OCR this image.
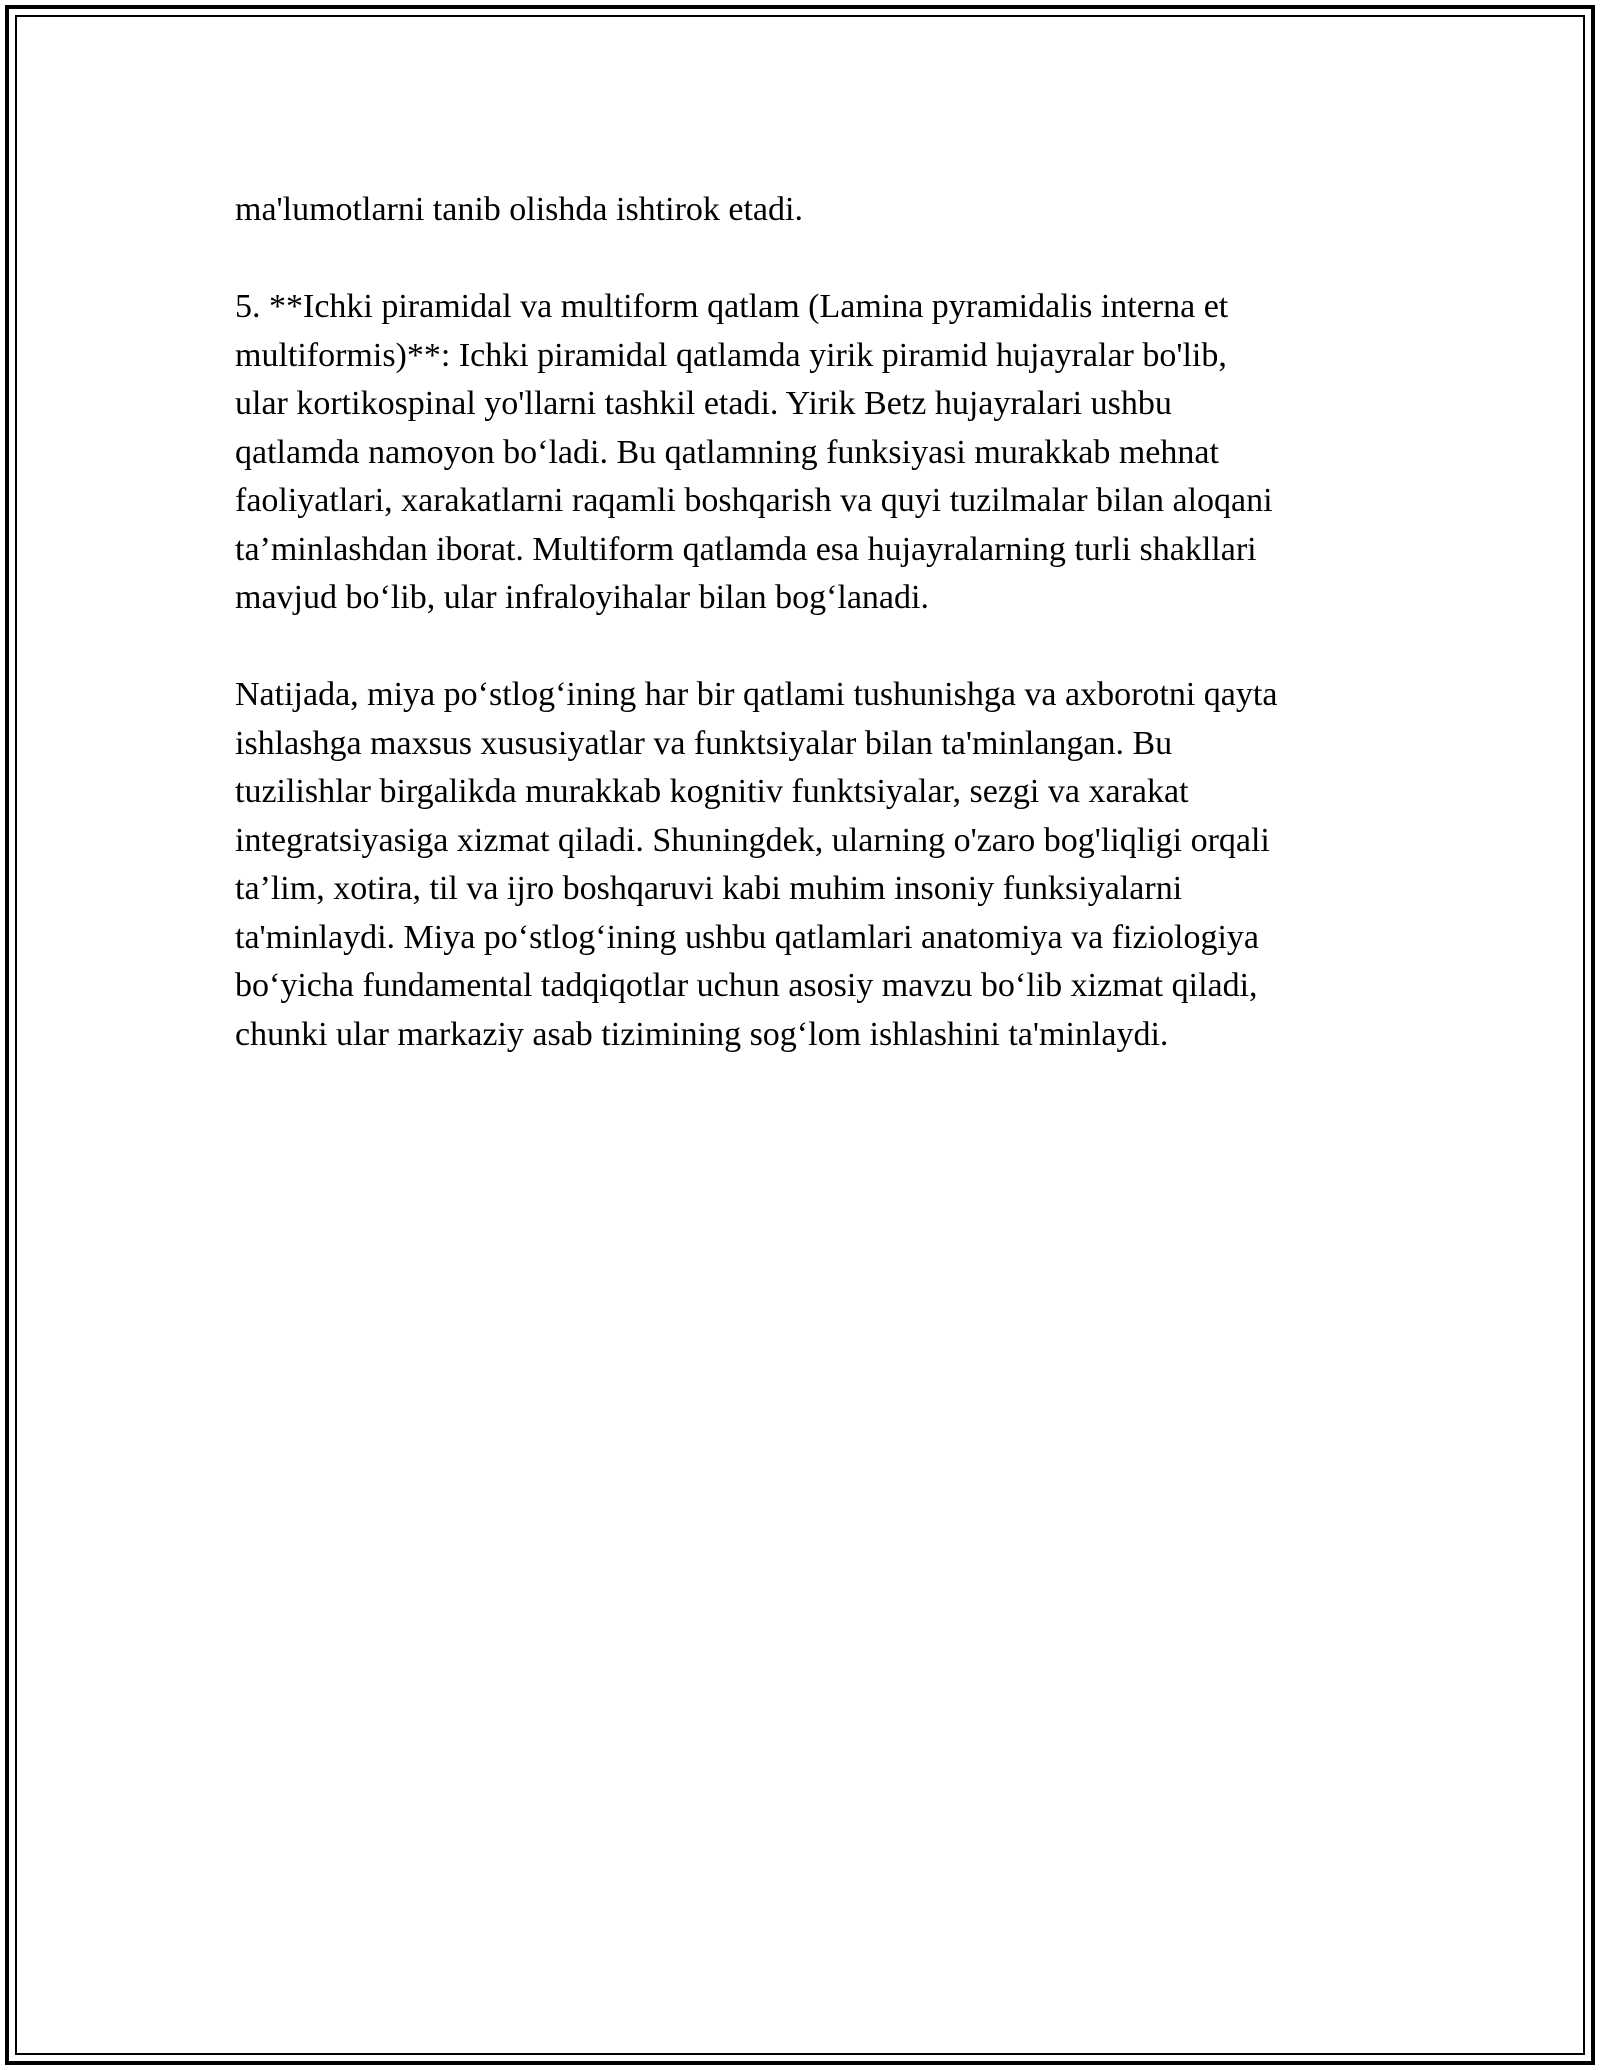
ma'lumotlarni tanib olishda ishtirok etadi.

5. **Ichki piramidal va multiform qatlam (Lamina pyramidalis interna et
multiformis)**: Ichki piramidal qatlamda yirik piramid hujayralar bo'lib,
ular kortikospinal yo'llarni tashkil etadi. Yirik Betz hujayralari ushbu
qatlamda namoyon bo‘ladi. Bu qatlamning funksiyasi murakkab mehnat
faoliyatlari, xarakatlarni raqamli boshqarish va quyi tuzilmalar bilan aloqani
ta’minlashdan iborat. Multiform qatlamda esa hujayralarning turli shakllari
mavjud bo‘lib, ular infraloyihalar bilan bog‘lanadi.

Natijada, miya po‘stlog‘ining har bir qatlami tushunishga va axborotni qayta
ishlashga maxsus xususiyatlar va funktsiyalar bilan ta'minlangan. Bu
tuzilishlar birgalikda murakkab kognitiv funktsiyalar, sezgi va xarakat
integratsiyasiga xizmat qiladi. Shuningdek, ularning o'zaro bog'liqligi orqali
ta’lim, xotira, til va ijro boshqaruvi kabi muhim insoniy funksiyalarni
ta'minlaydi. Miya po‘stlog‘ining ushbu qatlamlari anatomiya va fiziologiya
bo‘yicha fundamental tadqiqotlar uchun asosiy mavzu bo‘lib xizmat qiladi,
chunki ular markaziy asab tizimining sog‘lom ishlashini ta'minlaydi.
